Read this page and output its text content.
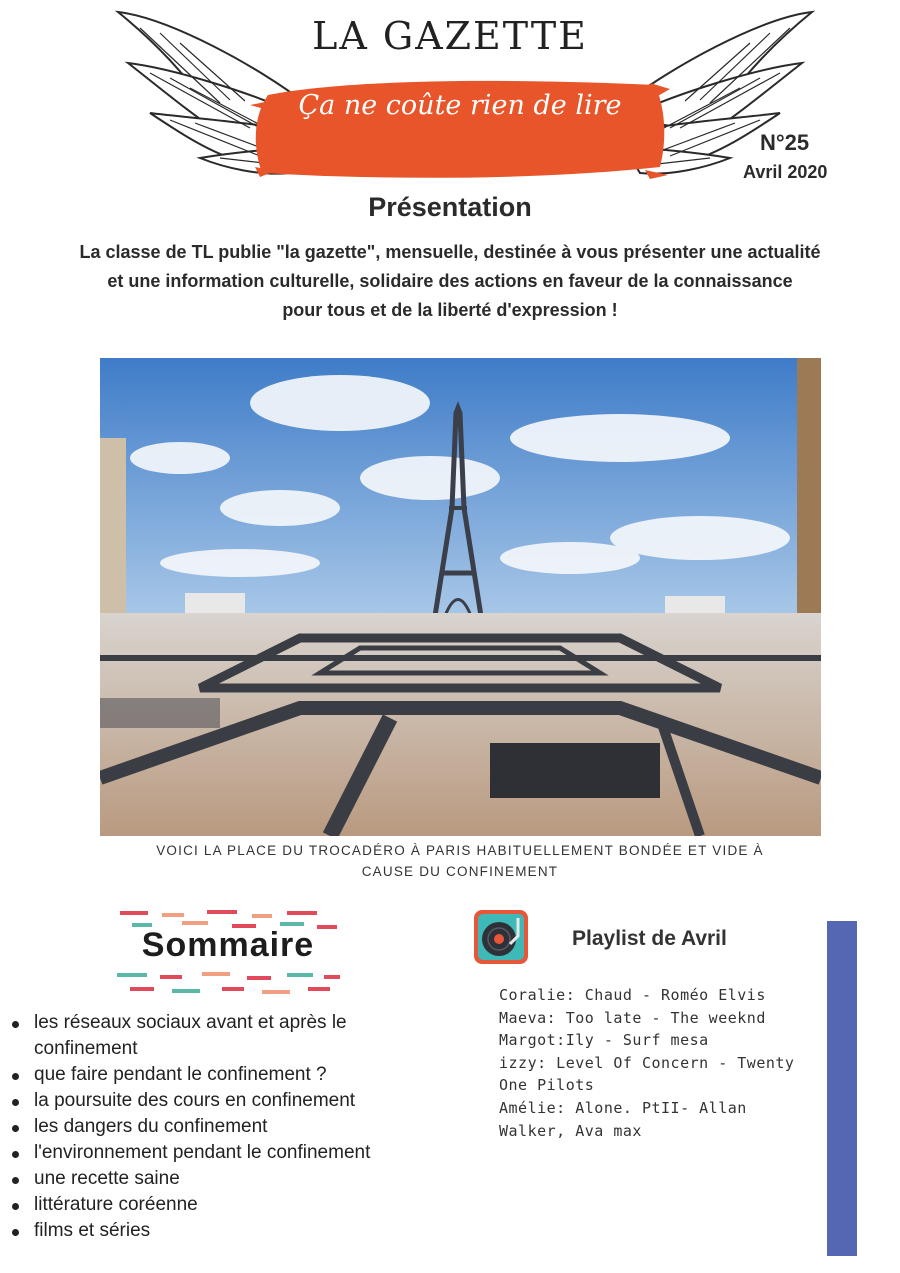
LA GAZETTE
Ça ne coûte rien de lire
N°25
Avril 2020
Présentation
La classe de TL publie "la gazette", mensuelle, destinée à vous présenter une actualité
et une information culturelle, solidaire des actions en faveur de la connaissance
pour tous et de la liberté d'expression !
VOICI LA PLACE DU TROCADÉRO À PARIS HABITUELLEMENT BONDÉE ET VIDE À
CAUSE DU CONFINEMENT
Sommaire
les réseaux sociaux avant et après le
confinement
que faire pendant le confinement ?
la poursuite des cours en confinement
les dangers du confinement
l'environnement pendant le confinement
une recette saine
littérature coréenne
films et séries
Playlist de Avril
Coralie: Chaud - Roméo Elvis
Maeva: Too late - The weeknd
Margot:Ily - Surf mesa
izzy: Level Of Concern - Twenty
One Pilots
Amélie: Alone. PtII- Allan
Walker, Ava max
